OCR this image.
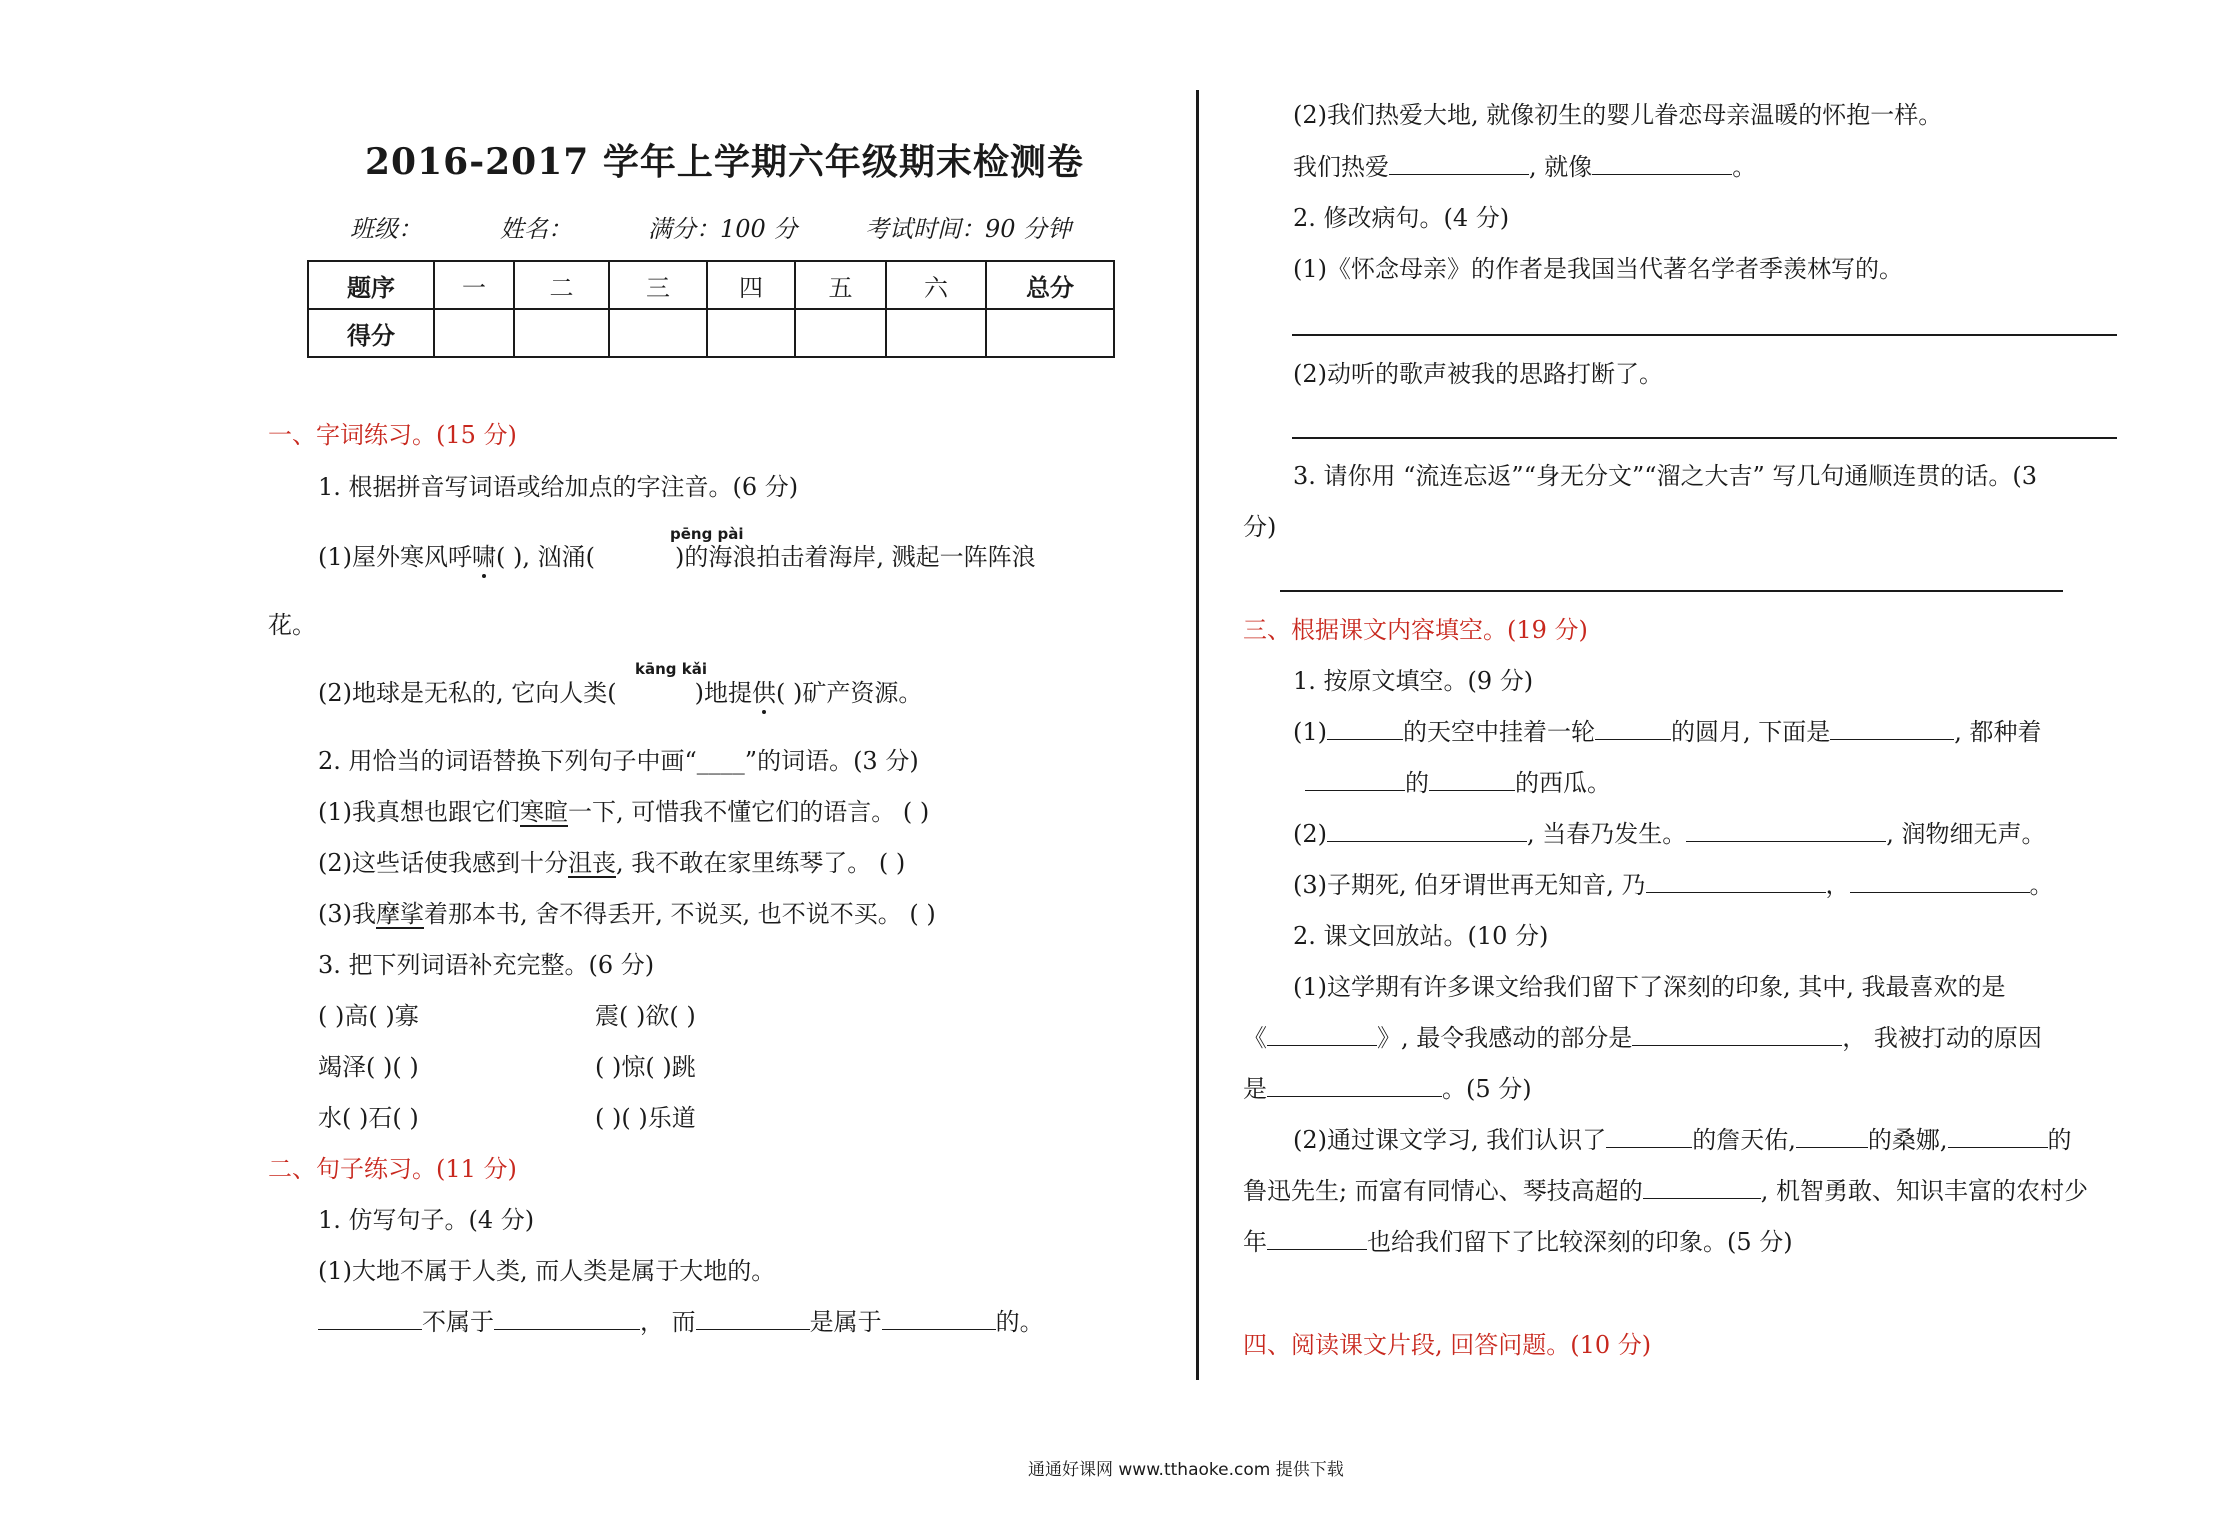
2016-2017 学年上学期六年级期末检测卷
班级：	姓名：	满分：100 分	考试时间：90 分钟
题序	一	二	三	四	五	六	总分
得分							
一、字词练习。(15 分)
1. 根据拼音写词语或给加点的字注音。(6 分)
pēng pài
(1)屋外寒风呼啸( ), 汹涌(	)的海浪拍击着海岸, 溅起一阵阵浪
花。
kāng kǎi
(2)地球是无私的, 它向人类(	)地提供( )矿产资源。
2. 用恰当的词语替换下列句子中画“____”的词语。(3 分)
(1)我真想也跟它们寒暄一下, 可惜我不懂它们的语言。 ( )
(2)这些话使我感到十分沮丧, 我不敢在家里练琴了。 ( )
(3)我摩挲着那本书, 舍不得丢开, 不说买, 也不说不买。 ( )
3. 把下列词语补充完整。(6 分)
( )高( )寡	震( )欲( )
竭泽( )( )	( )惊( )跳
水( )石( )	( )( )乐道
二、句子练习。(11 分)
1. 仿写句子。(4 分)
(1)大地不属于人类, 而人类是属于大地的。
不属于	， 而	是属于	的。
(2)我们热爱大地, 就像初生的婴儿眷恋母亲温暖的怀抱一样。
我们热爱	, 就像	。
2. 修改病句。(4 分)
(1)《怀念母亲》的作者是我国当代著名学者季羡林写的。
(2)动听的歌声被我的思路打断了。
3. 请你用 “流连忘返”“身无分文”“溜之大吉” 写几句通顺连贯的话。(3
分)
三、根据课文内容填空。(19 分)
1. 按原文填空。(9 分)
(1)	的天空中挂着一轮	的圆月, 下面是	, 都种着
的	的西瓜。
(2)	, 当春乃发生。	, 润物细无声。
(3)子期死, 伯牙谓世再无知音, 乃	，	。
2. 课文回放站。(10 分)
(1)这学期有许多课文给我们留下了深刻的印象, 其中, 我最喜欢的是
《	》, 最令我感动的部分是	， 我被打动的原因
是	。(5 分)
(2)通过课文学习, 我们认识了	的詹天佑,	的桑娜,	的
鲁迅先生; 而富有同情心、琴技高超的	, 机智勇敢、知识丰富的农村少
年	也给我们留下了比较深刻的印象。(5 分)
四、阅读课文片段, 回答问题。(10 分)
通通好课网 www.tthaoke.com 提供下载
